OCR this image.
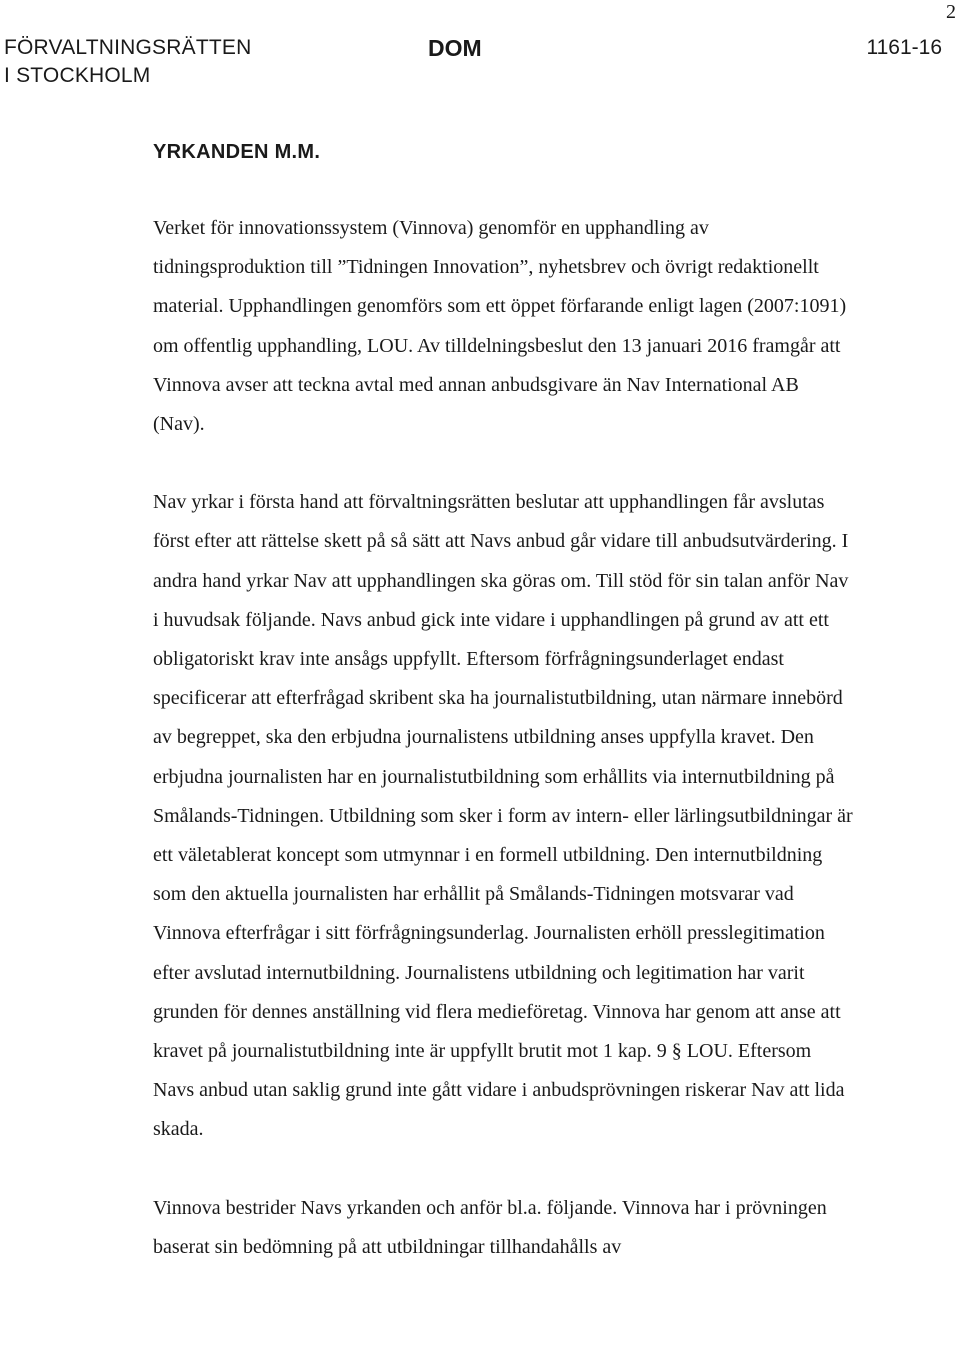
2
FÖRVALTNINGSRÄTTEN
I STOCKHOLM
DOM	1161-16
YRKANDEN M.M.

Verket för innovationssystem (Vinnova) genomför en upphandling av tidningsproduktion till ”Tidningen Innovation”, nyhetsbrev och övrigt redaktionellt material. Upphandlingen genomförs som ett öppet förfarande enligt lagen (2007:1091) om offentlig upphandling, LOU. Av tilldelningsbeslut den 13 januari 2016 framgår att Vinnova avser att teckna avtal med annan anbudsgivare än Nav International AB (Nav).

Nav yrkar i första hand att förvaltningsrätten beslutar att upphandlingen får avslutas först efter att rättelse skett på så sätt att Navs anbud går vidare till anbudsutvärdering. I andra hand yrkar Nav att upphandlingen ska göras om. Till stöd för sin talan anför Nav i huvudsak följande. Navs anbud gick inte vidare i upphandlingen på grund av att ett obligatoriskt krav inte ansågs uppfyllt. Eftersom förfrågningsunderlaget endast specificerar att efterfrågad skribent ska ha journalistutbildning, utan närmare innebörd av begreppet, ska den erbjudna journalistens utbildning anses uppfylla kravet. Den erbjudna journalisten har en journalistutbildning som erhållits via internutbildning på Smålands-Tidningen. Utbildning som sker i form av intern- eller lärlingsutbildningar är ett väletablerat koncept som utmynnar i en formell utbildning. Den internutbildning som den aktuella journalisten har erhållit på Smålands-Tidningen motsvarar vad Vinnova efterfrågar i sitt förfrågningsunderlag. Journalisten erhöll presslegitimation efter avslutad internutbildning. Journalistens utbildning och legitimation har varit grunden för dennes anställning vid flera medieföretag. Vinnova har genom att anse att kravet på journalistutbildning inte är uppfyllt brutit mot 1 kap. 9 § LOU. Eftersom Navs anbud utan saklig grund inte gått vidare i anbudsprövningen riskerar Nav att lida skada.

Vinnova bestrider Navs yrkanden och anför bl.a. följande. Vinnova har i prövningen baserat sin bedömning på att utbildningar tillhandahålls av
